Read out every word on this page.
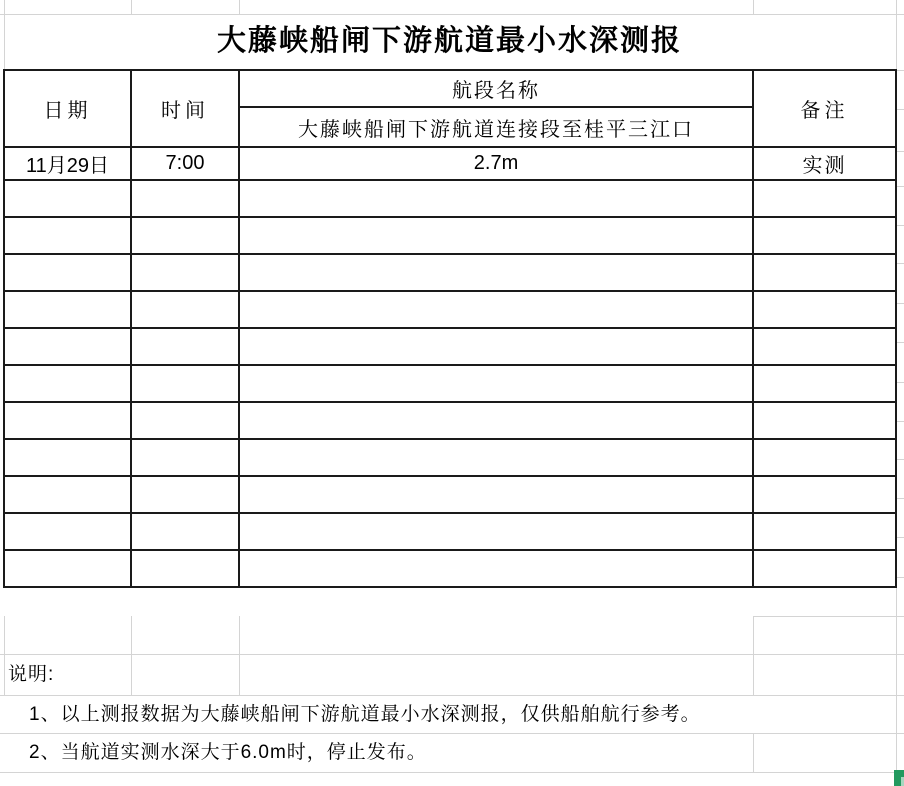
大藤峡船闸下游航道最小水深测报
日期	时间	航段名称	备注
		大藤峡船闸下游航道连接段至桂平三江口	
11月29日	7:00	2.7m	实测

说明:
1、以上测报数据为大藤峡船闸下游航道最小水深测报，仅供船舶航行参考。
2、当航道实测水深大于6.0m时，停止发布。
